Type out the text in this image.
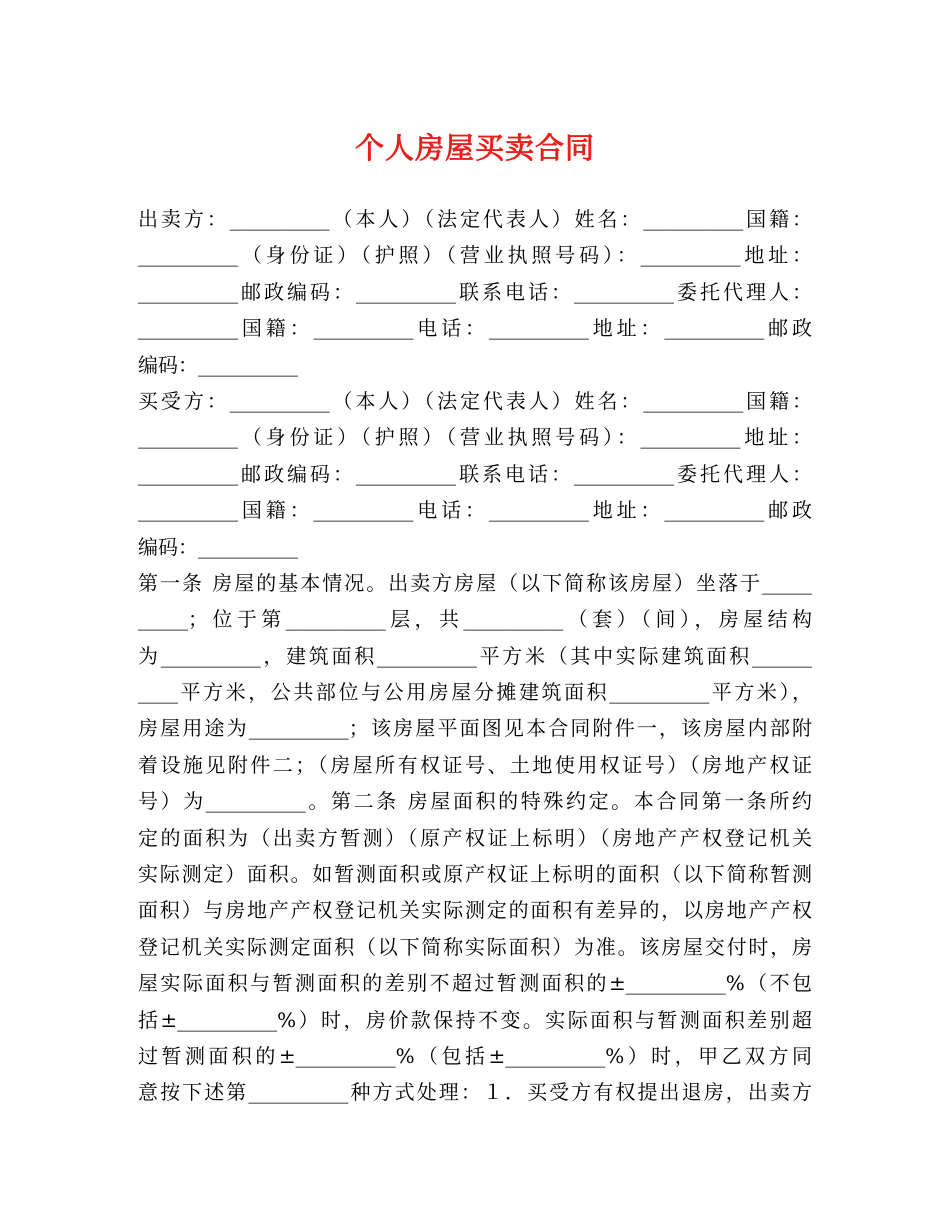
个人房屋买卖合同
出卖方：__________（本人）（法定代表人）姓名：__________国籍：
__________（身份证）（护照）（营业执照号码）：__________地址：
__________邮政编码：__________联系电话：__________委托代理人：
__________国籍：__________电话：__________地址：__________邮政
编码：__________
买受方：__________（本人）（法定代表人）姓名：__________国籍：
__________（身份证）（护照）（营业执照号码）：__________地址：
__________邮政编码：__________联系电话：__________委托代理人：
__________国籍：__________电话：__________地址：__________邮政
编码：__________
第一条 房屋的基本情况。出卖方房屋（以下简称该房屋）坐落于_____
_____；位于第__________层，共__________（套）（间），房屋结构
为__________，建筑面积__________平方米（其中实际建筑面积______
____平方米，公共部位与公用房屋分摊建筑面积__________平方米），
房屋用途为__________；该房屋平面图见本合同附件一，该房屋内部附
着设施见附件二；（房屋所有权证号、土地使用权证号）（房地产权证
号）为__________。第二条 房屋面积的特殊约定。本合同第一条所约
定的面积为（出卖方暂测）（原产权证上标明）（房地产产权登记机关
实际测定）面积。如暂测面积或原产权证上标明的面积（以下简称暂测
面积）与房地产产权登记机关实际测定的面积有差异的，以房地产产权
登记机关实际测定面积（以下简称实际面积）为准。该房屋交付时，房
屋实际面积与暂测面积的差别不超过暂测面积的±__________%（不包
括±__________%）时，房价款保持不变。实际面积与暂测面积差别超
过暂测面积的±__________%（包括±__________%）时，甲乙双方同
意按下述第__________种方式处理：１．买受方有权提出退房，出卖方
